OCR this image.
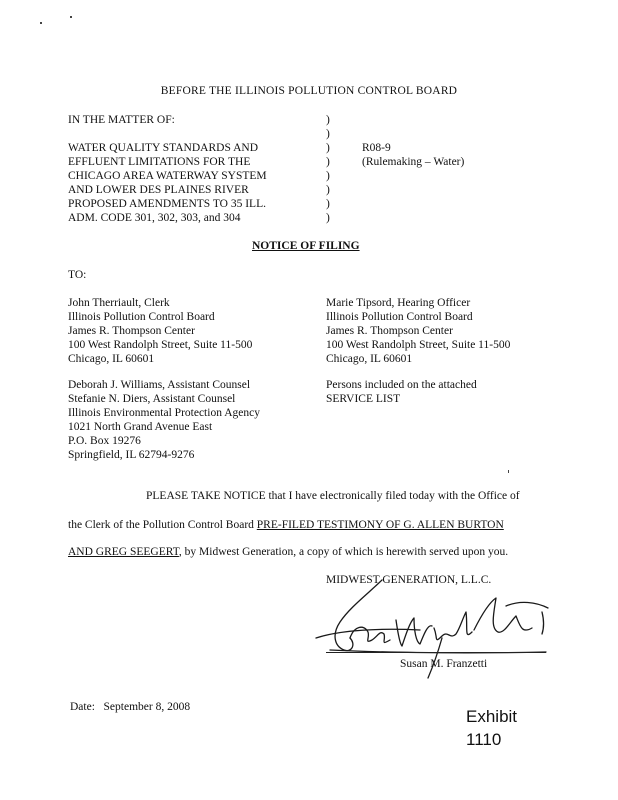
BEFORE THE ILLINOIS POLLUTION CONTROL BOARD
IN THE MATTER OF:
WATER QUALITY STANDARDS AND
EFFLUENT LIMITATIONS FOR THE
CHICAGO AREA WATERWAY SYSTEM
AND LOWER DES PLAINES RIVER
PROPOSED AMENDMENTS TO 35 ILL.
ADM. CODE 301, 302, 303, and 304
)
)
)
)
)
)
)
)
R08-9
(Rulemaking – Water)
NOTICE OF FILING
TO:
John Therriault, Clerk
Illinois Pollution Control Board
James R. Thompson Center
100 West Randolph Street, Suite 11-500
Chicago, IL 60601
Marie Tipsord, Hearing Officer
Illinois Pollution Control Board
James R. Thompson Center
100 West Randolph Street, Suite 11-500
Chicago, IL 60601
Deborah J. Williams, Assistant Counsel
Stefanie N. Diers, Assistant Counsel
Illinois Environmental Protection Agency
1021 North Grand Avenue East
P.O. Box 19276
Springfield, IL 62794-9276
Persons included on the attached
SERVICE LIST
PLEASE TAKE NOTICE that I have electronically filed today with the Office of
the Clerk of the Pollution Control Board PRE-FILED TESTIMONY OF G. ALLEN BURTON
AND GREG SEEGERT, by Midwest Generation, a copy of which is herewith served upon you.
MIDWEST GENERATION, L.L.C.
Susan M. Franzetti
Date: September 8, 2008	Exhibit
1110
